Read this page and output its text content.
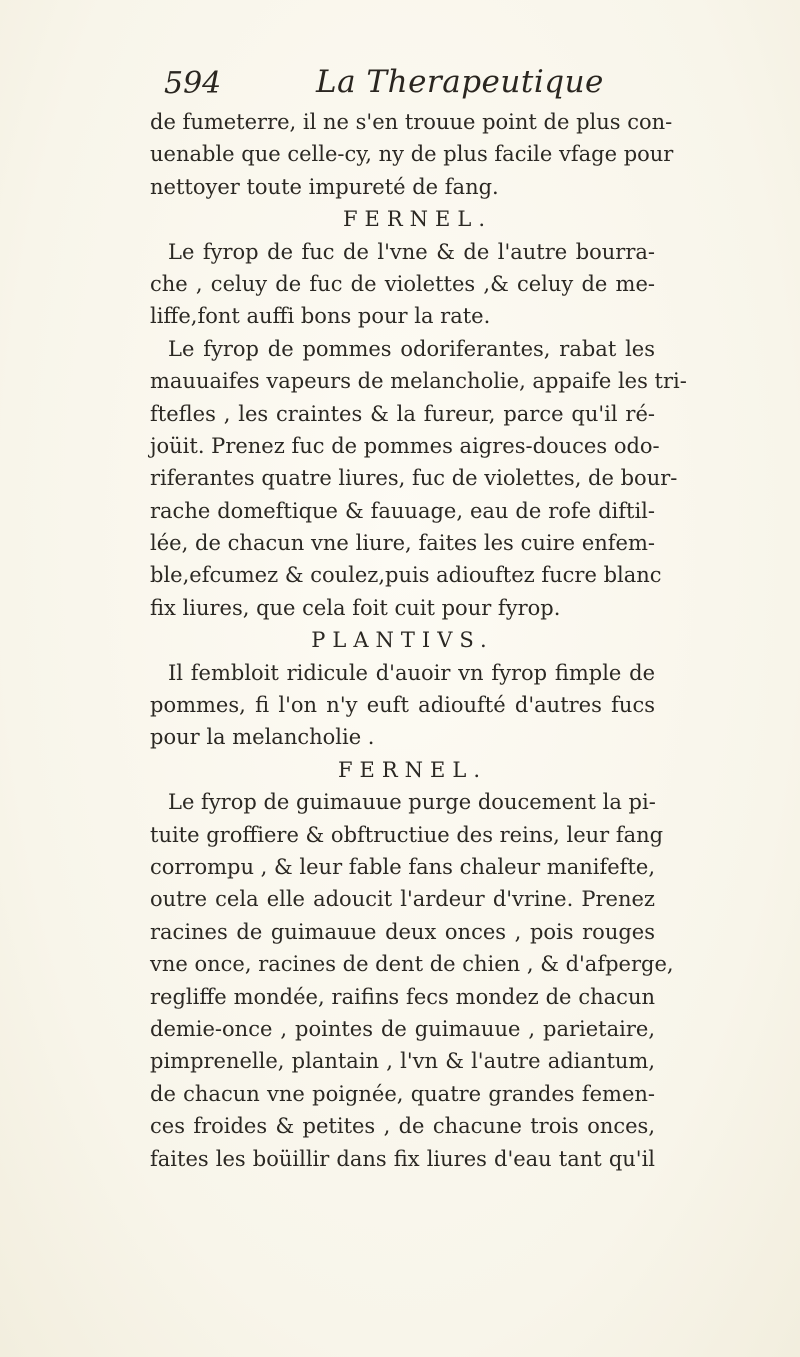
594	La Therapeutique
de fumeterre, il ne s'en trouue point de plus con-
uenable que celle-cy, ny de plus facile vfage pour
nettoyer toute impureté de fang.
FERNEL.
Le fyrop de fuc de l'vne & de l'autre bourra-
che , celuy de fuc de violettes ,& celuy de me-
liffe,font auffi bons pour la rate.
Le fyrop de pommes odoriferantes, rabat les
mauuaifes vapeurs de melancholie, appaife les tri-
ftefles , les craintes & la fureur, parce qu'il ré-
joüit. Prenez fuc de pommes aigres-douces odo-
riferantes quatre liures, fuc de violettes, de bour-
rache domeftique & fauuage, eau de rofe diftil-
lée, de chacun vne liure, faites les cuire enfem-
ble,efcumez & coulez,puis adiouftez fucre blanc
fix liures, que cela foit cuit pour fyrop.
PLANTIVS.
Il fembloit ridicule d'auoir vn fyrop fimple de
pommes, fi l'on n'y euft adioufté d'autres fucs
pour la melancholie .
FERNEL.
Le fyrop de guimauue purge doucement la pi-
tuite groffiere & obftructiue des reins, leur fang
corrompu , & leur fable fans chaleur manifefte,
outre cela elle adoucit l'ardeur d'vrine. Prenez
racines de guimauue deux onces , pois rouges
vne once, racines de dent de chien , & d'afperge,
regliffe mondée, raifins fecs mondez de chacun
demie-once , pointes de guimauue , parietaire,
pimprenelle, plantain , l'vn & l'autre adiantum,
de chacun vne poignée, quatre grandes femen-
ces froides & petites , de chacune trois onces,
faites les boüillir dans fix liures d'eau tant qu'il
